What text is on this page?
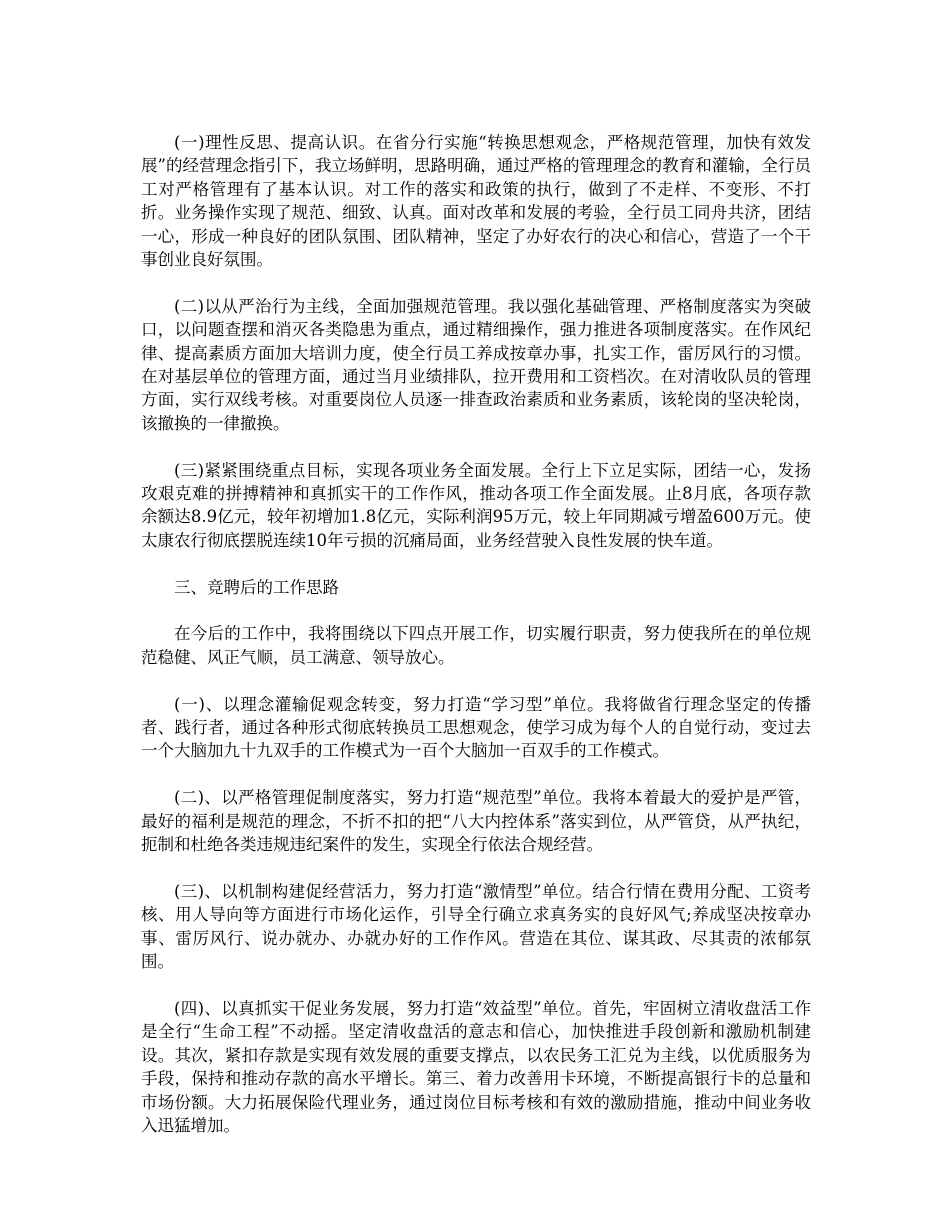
(一)理性反思、提高认识。在省分行实施“转换思想观念，严格规范管理，加快有效发展”的经营理念指引下，我立场鲜明，思路明确，通过严格的管理理念的教育和灌输，全行员工对严格管理有了基本认识。对工作的落实和政策的执行，做到了不走样、不变形、不打折。业务操作实现了规范、细致、认真。面对改革和发展的考验，全行员工同舟共济，团结一心，形成一种良好的团队氛围、团队精神，坚定了办好农行的决心和信心，营造了一个干事创业良好氛围。

(二)以从严治行为主线，全面加强规范管理。我以强化基础管理、严格制度落实为突破口，以问题查摆和消灭各类隐患为重点，通过精细操作，强力推进各项制度落实。在作风纪律、提高素质方面加大培训力度，使全行员工养成按章办事，扎实工作，雷厉风行的习惯。在对基层单位的管理方面，通过当月业绩排队，拉开费用和工资档次。在对清收队员的管理方面，实行双线考核。对重要岗位人员逐一排查政治素质和业务素质，该轮岗的坚决轮岗，该撤换的一律撤换。

(三)紧紧围绕重点目标，实现各项业务全面发展。全行上下立足实际，团结一心，发扬攻艰克难的拼搏精神和真抓实干的工作作风，推动各项工作全面发展。止8月底，各项存款余额达8.9亿元，较年初增加1.8亿元，实际利润95万元，较上年同期减亏增盈600万元。使太康农行彻底摆脱连续10年亏损的沉痛局面，业务经营驶入良性发展的快车道。

三、竞聘后的工作思路

在今后的工作中，我将围绕以下四点开展工作，切实履行职责，努力使我所在的单位规范稳健、风正气顺，员工满意、领导放心。

(一)、以理念灌输促观念转变，努力打造“学习型”单位。我将做省行理念坚定的传播者、践行者，通过各种形式彻底转换员工思想观念，使学习成为每个人的自觉行动，变过去一个大脑加九十九双手的工作模式为一百个大脑加一百双手的工作模式。

(二)、以严格管理促制度落实，努力打造“规范型”单位。我将本着最大的爱护是严管，最好的福利是规范的理念，不折不扣的把“八大内控体系”落实到位，从严管贷，从严执纪，扼制和杜绝各类违规违纪案件的发生，实现全行依法合规经营。

(三)、以机制构建促经营活力，努力打造“激情型”单位。结合行情在费用分配、工资考核、用人导向等方面进行市场化运作，引导全行确立求真务实的良好风气;养成坚决按章办事、雷厉风行、说办就办、办就办好的工作作风。营造在其位、谋其政、尽其责的浓郁氛围。

(四)、以真抓实干促业务发展，努力打造“效益型”单位。首先，牢固树立清收盘活工作是全行“生命工程”不动摇。坚定清收盘活的意志和信心，加快推进手段创新和激励机制建设。其次，紧扣存款是实现有效发展的重要支撑点，以农民务工汇兑为主线，以优质服务为手段，保持和推动存款的高水平增长。第三、着力改善用卡环境，不断提高银行卡的总量和市场份额。大力拓展保险代理业务，通过岗位目标考核和有效的激励措施，推动中间业务收入迅猛增加。
